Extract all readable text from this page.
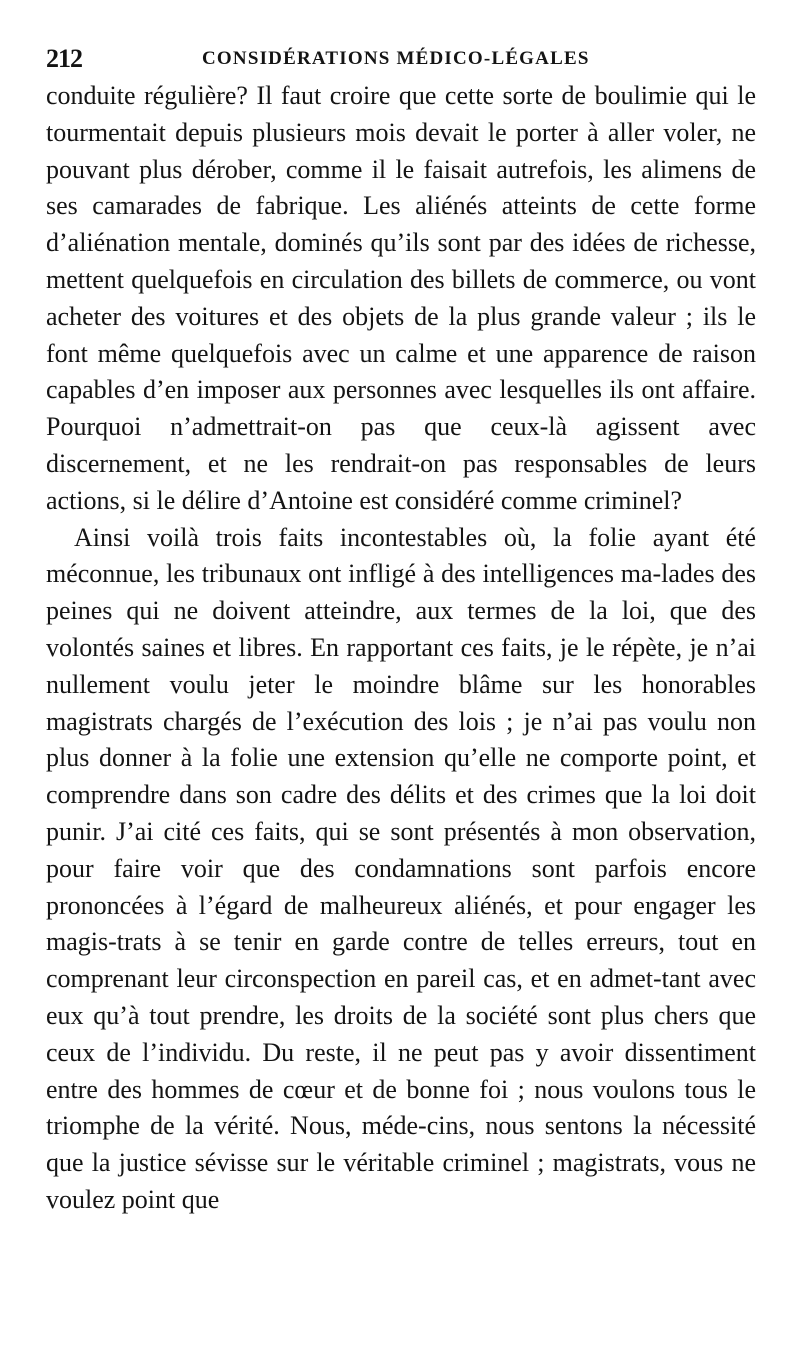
212	CONSIDÉRATIONS MÉDICO-LÉGALES

conduite régulière? Il faut croire que cette sorte de boulimie qui le tourmentait depuis plusieurs mois devait le porter à aller voler, ne pouvant plus dérober, comme il le faisait autrefois, les alimens de ses camarades de fabrique. Les aliénés atteints de cette forme d’aliénation mentale, dominés qu’ils sont par des idées de richesse, mettent quelquefois en circulation des billets de commerce, ou vont acheter des voitures et des objets de la plus grande valeur ; ils le font même quelquefois avec un calme et une apparence de raison capables d’en imposer aux personnes avec lesquelles ils ont affaire. Pourquoi n’admettrait-on pas que ceux-là agissent avec discernement, et ne les rendrait-on pas responsables de leurs actions, si le délire d’Antoine est considéré comme criminel?

Ainsi voilà trois faits incontestables où, la folie ayant été méconnue, les tribunaux ont infligé à des intelligences ma-lades des peines qui ne doivent atteindre, aux termes de la loi, que des volontés saines et libres. En rapportant ces faits, je le répète, je n’ai nullement voulu jeter le moindre blâme sur les honorables magistrats chargés de l’exécution des lois ; je n’ai pas voulu non plus donner à la folie une extension qu’elle ne comporte point, et comprendre dans son cadre des délits et des crimes que la loi doit punir. J’ai cité ces faits, qui se sont présentés à mon observation, pour faire voir que des condamnations sont parfois encore prononcées à l’égard de malheureux aliénés, et pour engager les magis-trats à se tenir en garde contre de telles erreurs, tout en comprenant leur circonspection en pareil cas, et en admet-tant avec eux qu’à tout prendre, les droits de la société sont plus chers que ceux de l’individu. Du reste, il ne peut pas y avoir dissentiment entre des hommes de cœur et de bonne foi ; nous voulons tous le triomphe de la vérité. Nous, méde-cins, nous sentons la nécessité que la justice sévisse sur le véritable criminel ; magistrats, vous ne voulez point que
